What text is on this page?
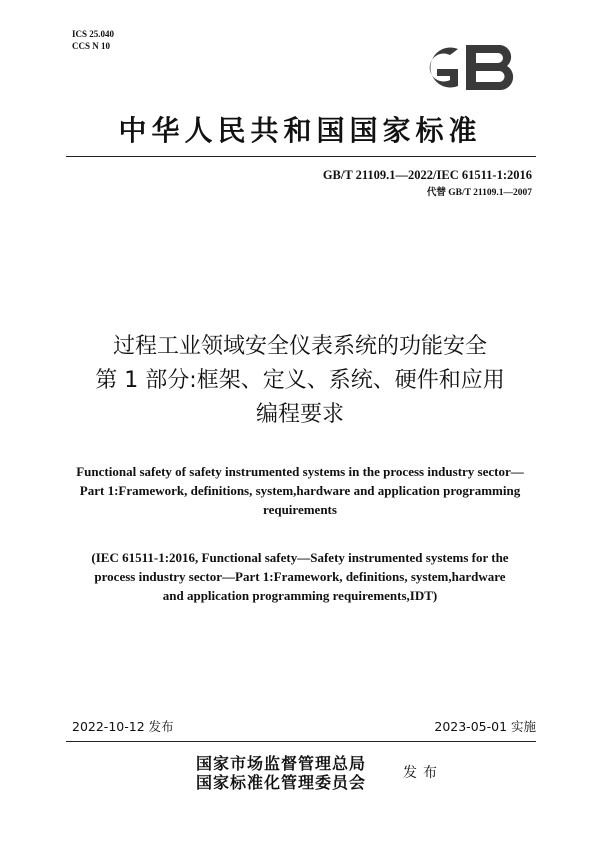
ICS 25.040
CCS N 10
中华人民共和国国家标准
GB/T 21109.1—2022/IEC 61511-1:2016
代替 GB/T 21109.1—2007
过程工业领域安全仪表系统的功能安全
第 1 部分:框架、定义、系统、硬件和应用
编程要求
Functional safety of safety instrumented systems in the process industry sector—
Part 1:Framework, definitions, system,hardware and application programming
requirements
(IEC 61511-1:2016, Functional safety—Safety instrumented systems for the
process industry sector—Part 1:Framework, definitions, system,hardware
and application programming requirements,IDT)
2022-10-12 发布	2023-05-01 实施
国家市场监督管理总局
国家标准化管理委员会	发布
